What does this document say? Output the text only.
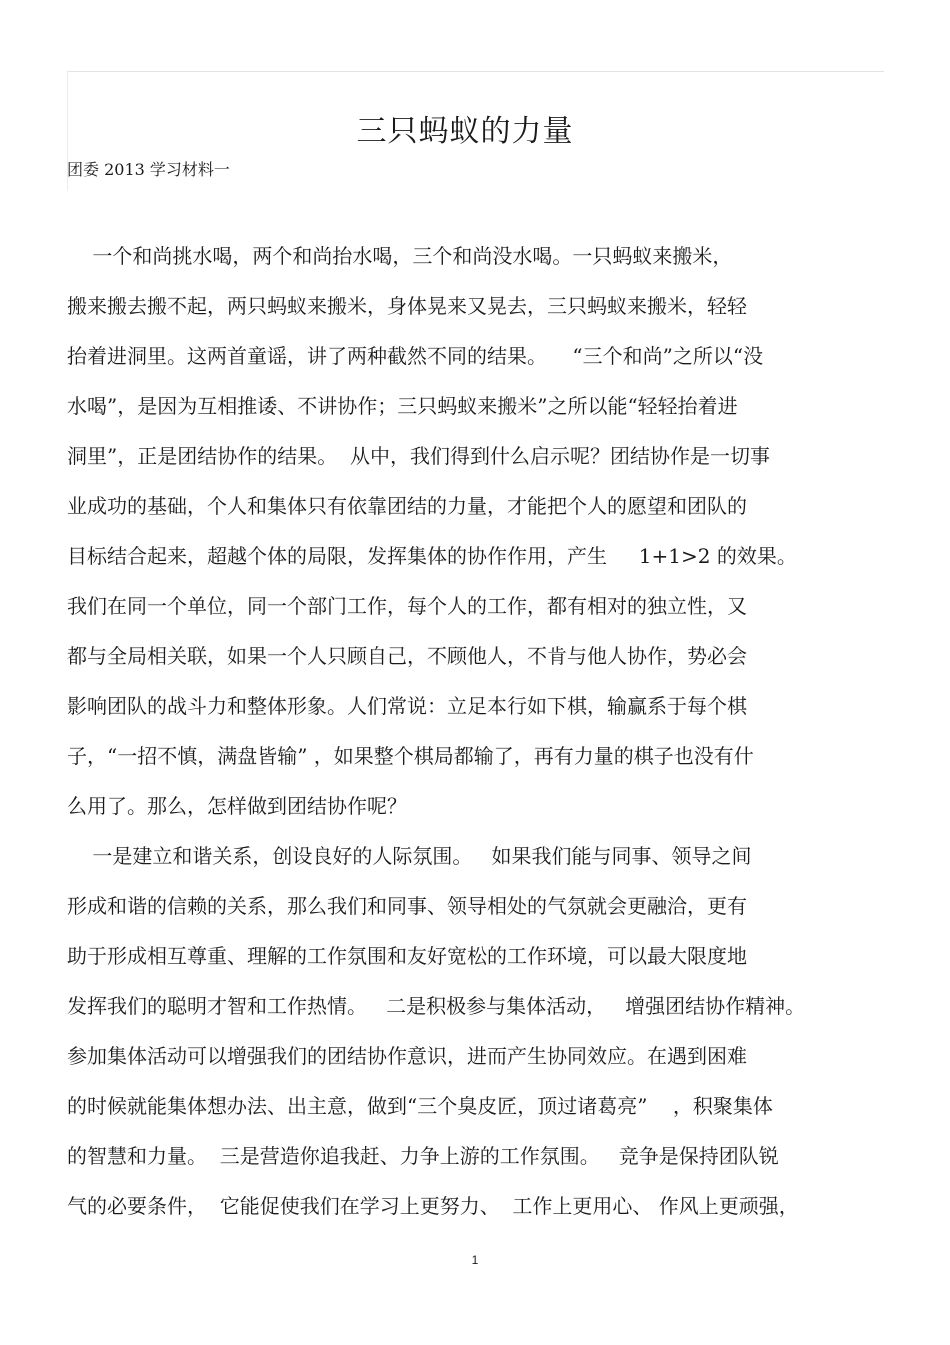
三只蚂蚁的力量
团委 2013 学习材料一
一个和尚挑水喝，两个和尚抬水喝，三个和尚没水喝。一只蚂蚁来搬米，
搬来搬去搬不起，两只蚂蚁来搬米，身体晃来又晃去，三只蚂蚁来搬米，轻轻
抬着进洞里。这两首童谣，讲了两种截然不同的结果。    “三个和尚”之所以“没
水喝”，是因为互相推诿、不讲协作；三只蚂蚁来搬米”之所以能“轻轻抬着进
洞里”，正是团结协作的结果。  从中，我们得到什么启示呢？团结协作是一切事
业成功的基础，个人和集体只有依靠团结的力量，才能把个人的愿望和团队的
目标结合起来，超越个体的局限，发挥集体的协作作用，产生     1+1>2 的效果。
我们在同一个单位，同一个部门工作，每个人的工作，都有相对的独立性，又
都与全局相关联，如果一个人只顾自己，不顾他人，不肯与他人协作，势必会
影响团队的战斗力和整体形象。人们常说：立足本行如下棋，输赢系于每个棋
子，“一招不慎，满盘皆输” ，如果整个棋局都输了，再有力量的棋子也没有什
么用了。那么，怎样做到团结协作呢？
一是建立和谐关系，创设良好的人际氛围。   如果我们能与同事、领导之间
形成和谐的信赖的关系，那么我们和同事、领导相处的气氛就会更融洽，更有
助于形成相互尊重、理解的工作氛围和友好宽松的工作环境，可以最大限度地
发挥我们的聪明才智和工作热情。   二是积极参与集体活动，   增强团结协作精神。
参加集体活动可以增强我们的团结协作意识，进而产生协同效应。在遇到困难
的时候就能集体想办法、出主意，做到“三个臭皮匠，顶过诸葛亮”    ，积聚集体
的智慧和力量。  三是营造你追我赶、力争上游的工作氛围。   竞争是保持团队锐
气的必要条件，  它能促使我们在学习上更努力、  工作上更用心、 作风上更顽强，
1
